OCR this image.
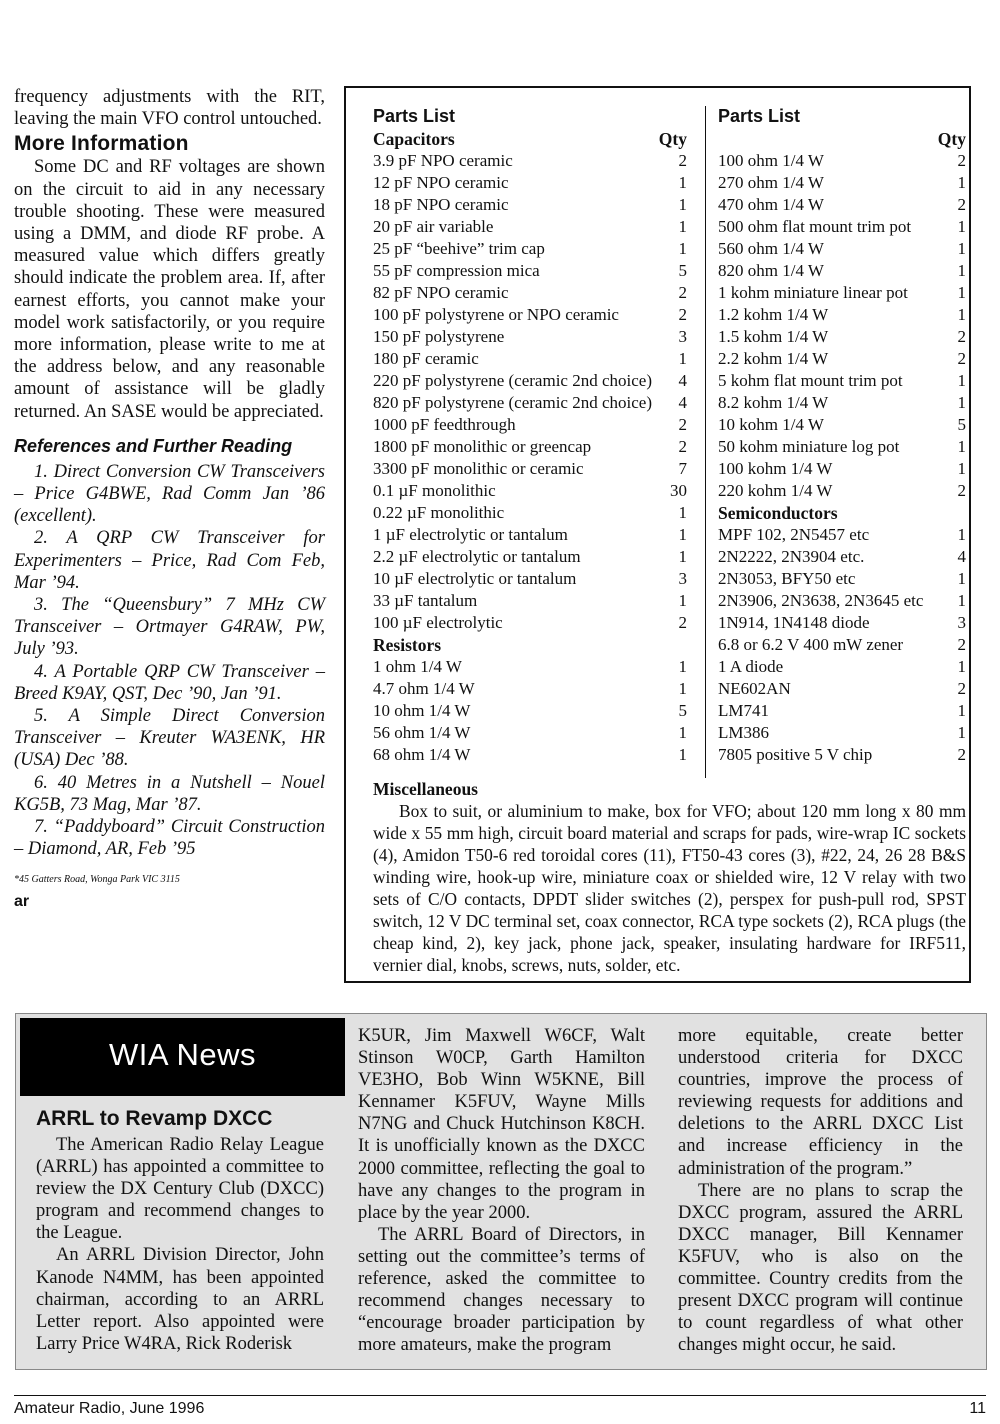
frequency adjustments with the RIT, leaving the main VFO control untouched.

More Information

Some DC and RF voltages are shown on the circuit to aid in any necessary trouble shooting. These were measured using a DMM, and diode RF probe. A measured value which differs greatly should indicate the problem area. If, after earnest efforts, you cannot make your model work satisfactorily, or you require more information, please write to me at the address below, and any reasonable amount of assistance will be gladly returned. An SASE would be appreciated.

References and Further Reading

1. Direct Conversion CW Transceivers – Price G4BWE, Rad Comm Jan ’86 (excellent).

2. A QRP CW Transceiver for Experimenters – Price, Rad Com Feb, Mar ’94.

3. The “Queensbury” 7 MHz CW Transceiver – Ortmayer G4RAW, PW, July ’93.

4. A Portable QRP CW Transceiver – Breed K9AY, QST, Dec ’90, Jan ’91.

5. A Simple Direct Conversion Transceiver – Kreuter WA3ENK, HR (USA) Dec ’88.

6. 40 Metres in a Nutshell – Nouel KG5B, 73 Mag, Mar ’87.

7. “Paddyboard” Circuit Construction – Diamond, AR, Feb ’95

*45 Gatters Road, Wonga Park VIC 3115

ar

Parts List
Capacitors	Qty
3.9 pF NPO ceramic	2
12 pF NPO ceramic	1
18 pF NPO ceramic	1
20 pF air variable	1
25 pF “beehive” trim cap	1
55 pF compression mica	5
82 pF NPO ceramic	2
100 pF polystyrene or NPO ceramic	2
150 pF polystyrene	3
180 pF ceramic	1
220 pF polystyrene (ceramic 2nd choice) 4
820 pF polystyrene (ceramic 2nd choice) 4
1000 pF feedthrough	2
1800 pF monolithic or greencap	2
3300 pF monolithic or ceramic	7
0.1 µF monolithic	30
0.22 µF monolithic	1
1 µF electrolytic or tantalum	1
2.2 µF electrolytic or tantalum	1
10 µF electrolytic or tantalum	3
33 µF tantalum	1
100 µF electrolytic	2
Resistors
1 ohm 1/4 W	1
4.7 ohm 1/4 W	1
10 ohm 1/4 W	5
56 ohm 1/4 W	1
68 ohm 1/4 W	1
Parts List
Qty
100 ohm 1/4 W	2
270 ohm 1/4 W	1
470 ohm 1/4 W	2
500 ohm flat mount trim pot	1
560 ohm 1/4 W	1
820 ohm 1/4 W	1
1 kohm miniature linear pot	1
1.2 kohm 1/4 W	1
1.5 kohm 1/4 W	2
2.2 kohm 1/4 W	2
5 kohm flat mount trim pot	1
8.2 kohm 1/4 W	1
10 kohm 1/4 W	5
50 kohm miniature log pot	1
100 kohm 1/4 W	1
220 kohm 1/4 W	2
Semiconductors
MPF 102, 2N5457 etc	1
2N2222, 2N3904 etc.	4
2N3053, BFY50 etc	1
2N3906, 2N3638, 2N3645 etc 1
1N914, 1N4148 diode	3
6.8 or 6.2 V 400 mW zener	2
1 A diode	1
NE602AN	2
LM741	1
LM386	1
7805 positive 5 V chip	2
Miscellaneous

Box to suit, or aluminium to make, box for VFO; about 120 mm long x 80 mm wide x 55 mm high, circuit board material and scraps for pads, wire-wrap IC sockets (4), Amidon T50-6 red toroidal cores (11), FT50-43 cores (3), #22, 24, 26 28 B&S winding wire, hook-up wire, miniature coax or shielded wire, 12 V relay with two sets of C/O contacts, DPDT slider switches (2), perspex for push-pull rod, SPST switch, 12 V DC terminal set, coax connector, RCA type sockets (2), RCA plugs (the cheap kind, 2), key jack, phone jack, speaker, insulating hardware for IRF511, vernier dial, knobs, screws, nuts, solder, etc.

WIA News

ARRL to Revamp DXCC

The American Radio Relay League (ARRL) has appointed a committee to review the DX Century Club (DXCC) program and recommend changes to the League.

An ARRL Division Director, John Kanode N4MM, has been appointed chairman, according to an ARRL Letter report. Also appointed were Larry Price W4RA, Rick Roderisk

K5UR, Jim Maxwell W6CF, Walt Stinson W0CP, Garth Hamilton VE3HO, Bob Winn W5KNE, Bill Kennamer K5FUV, Wayne Mills N7NG and Chuck Hutchinson K8CH. It is unofficially known as the DXCC 2000 committee, reflecting the goal to have any changes to the program in place by the year 2000.

The ARRL Board of Directors, in setting out the committee’s terms of reference, asked the committee to recommend changes necessary to “encourage broader participation by more amateurs, make the program

more equitable, create better understood criteria for DXCC countries, improve the process of reviewing requests for additions and deletions to the ARRL DXCC List and increase efficiency in the administration of the program.”

There are no plans to scrap the DXCC program, assured the ARRL DXCC manager, Bill Kennamer K5FUV, who is also on the committee. Country credits from the present DXCC program will continue to count regardless of what other changes might occur, he said.

Amateur Radio, June 1996	11
